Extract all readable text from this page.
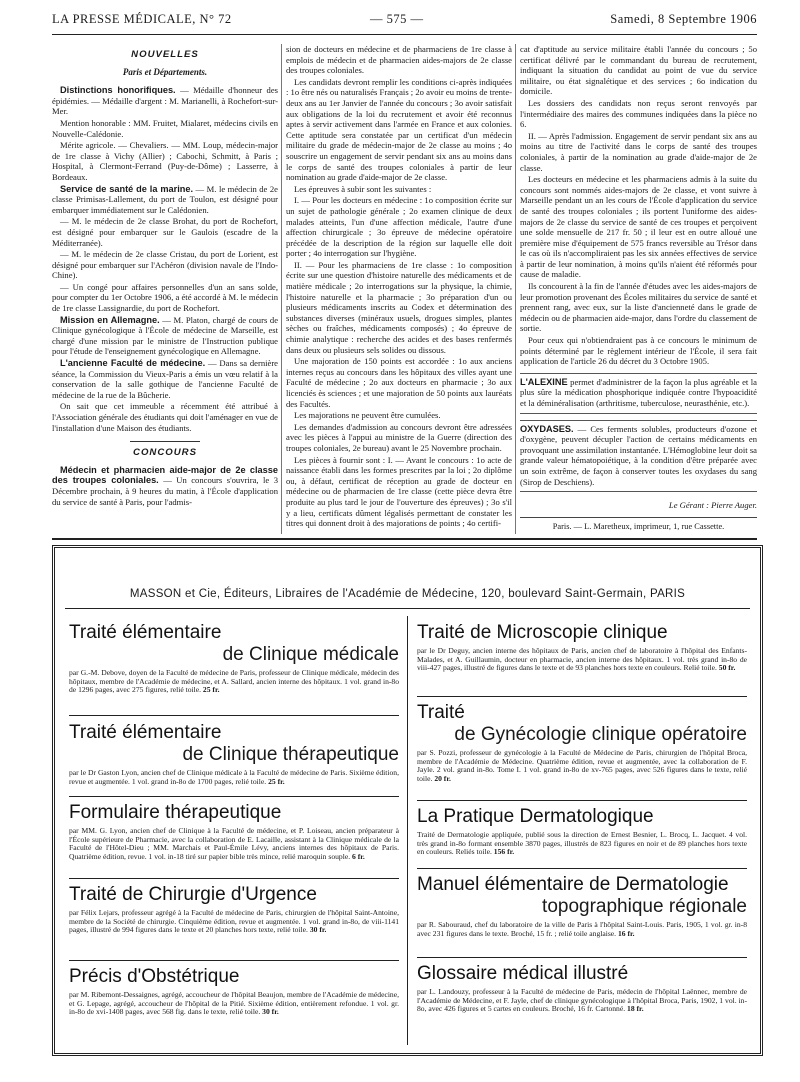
LA PRESSE MÉDICALE, N° 72	— 575 —	Samedi, 8 Septembre 1906
NOUVELLES
Paris et Départements.

Distinctions honorifiques. — Médaille d'honneur des épidémies. — Médaille d'argent : M. Marianelli, à Rochefort-sur-Mer.

Mention honorable : MM. Fruitet, Mialaret, médecins civils en Nouvelle-Calédonie.

Mérite agricole. — Chevaliers. — MM. Loup, médecin-major de 1re classe à Vichy (Allier) ; Cabochi, Schmitt, à Paris ; Hospital, à Clermont-Ferrand (Puy-de-Dôme) ; Lasserre, à Bordeaux.

Service de santé de la marine. — M. le médecin de 2e classe Primisas-Lallement, du port de Toulon, est désigné pour embarquer immédiatement sur le Calédonien.

— M. le médecin de 2e classe Brohat, du port de Rochefort, est désigné pour embarquer sur le Gaulois (escadre de la Méditerranée).

— M. le médecin de 2e classe Cristau, du port de Lorient, est désigné pour embarquer sur l'Achéron (division navale de l'Indo-Chine).

— Un congé pour affaires personnelles d'un an sans solde, pour compter du 1er Octobre 1906, a été accordé à M. le médecin de 1re classe Lassignardie, du port de Rochefort.

Mission en Allemagne. — M. Platon, chargé de cours de Clinique gynécologique à l'École de médecine de Marseille, est chargé d'une mission par le ministre de l'Instruction publique pour l'étude de l'enseignement gynécologique en Allemagne.

L'ancienne Faculté de médecine. — Dans sa dernière séance, la Commission du Vieux-Paris a émis un vœu relatif à la conservation de la salle gothique de l'ancienne Faculté de médecine de la rue de la Bûcherie.

On sait que cet immeuble a récemment été attribué à l'Association générale des étudiants qui doit l'aménager en vue de l'installation d'une Maison des étudiants.

CONCOURS

Médecin et pharmacien aide-major de 2e classe des troupes coloniales. — Un concours s'ouvrira, le 3 Décembre prochain, à 9 heures du matin, à l'École d'application du service de santé à Paris, pour l'admis-

sion de docteurs en médecine et de pharmaciens de 1re classe à emplois de médecin et de pharmacien aides-majors de 2e classe des troupes coloniales.

Les candidats devront remplir les conditions ci-après indiquées : 1o être nés ou naturalisés Français ; 2o avoir eu moins de trente-deux ans au 1er Janvier de l'année du concours ; 3o avoir satisfait aux obligations de la loi du recrutement et avoir été reconnus aptes à servir activement dans l'armée en France et aux colonies. Cette aptitude sera constatée par un certificat d'un médecin militaire du grade de médecin-major de 2e classe au moins ; 4o souscrire un engagement de servir pendant six ans au moins dans le corps de santé des troupes coloniales à partir de leur nomination au grade d'aide-major de 2e classe.

Les épreuves à subir sont les suivantes :

I. — Pour les docteurs en médecine : 1o composition écrite sur un sujet de pathologie générale ; 2o examen clinique de deux malades atteints, l'un d'une affection médicale, l'autre d'une affection chirurgicale ; 3o épreuve de médecine opératoire précédée de la description de la région sur laquelle elle doit porter ; 4o interrogation sur l'hygiène.

II. — Pour les pharmaciens de 1re classe : 1o composition écrite sur une question d'histoire naturelle des médicaments et de matière médicale ; 2o interrogations sur la physique, la chimie, l'histoire naturelle et la pharmacie ; 3o préparation d'un ou plusieurs médicaments inscrits au Codex et détermination des substances diverses (minéraux usuels, drogues simples, plantes sèches ou fraîches, médicaments composés) ; 4o épreuve de chimie analytique : recherche des acides et des bases renfermés dans deux ou plusieurs sels solides ou dissous.

Une majoration de 150 points est accordée : 1o aux anciens internes reçus au concours dans les hôpitaux des villes ayant une Faculté de médecine ; 2o aux docteurs en pharmacie ; 3o aux licenciés ès sciences ; et une majoration de 50 points aux lauréats des Facultés.

Les majorations ne peuvent être cumulées.

Les demandes d'admission au concours devront être adressées avec les pièces à l'appui au ministre de la Guerre (direction des troupes coloniales, 2e bureau) avant le 25 Novembre prochain.

Les pièces à fournir sont : I. — Avant le concours : 1o acte de naissance établi dans les formes prescrites par la loi ; 2o diplôme ou, à défaut, certificat de réception au grade de docteur en médecine ou de pharmacien de 1re classe (cette pièce devra être produite au plus tard le jour de l'ouverture des épreuves) ; 3o s'il y a lieu, certificats dûment légalisés permettant de constater les titres qui donnent droit à des majorations de points ; 4o certifi-

cat d'aptitude au service militaire établi l'année du concours ; 5o certificat délivré par le commandant du bureau de recrutement, indiquant la situation du candidat au point de vue du service militaire, ou état signalétique et des services ; 6o indication du domicile.

Les dossiers des candidats non reçus seront renvoyés par l'intermédiaire des maires des communes indiquées dans la pièce no 6.

II. — Après l'admission. Engagement de servir pendant six ans au moins au titre de l'activité dans le corps de santé des troupes coloniales, à partir de la nomination au grade d'aide-major de 2e classe.

Les docteurs en médecine et les pharmaciens admis à la suite du concours sont nommés aides-majors de 2e classe, et vont suivre à Marseille pendant un an les cours de l'École d'application du service de santé des troupes coloniales ; ils portent l'uniforme des aides-majors de 2e classe du service de santé de ces troupes et perçoivent une solde mensuelle de 217 fr. 50 ; il leur est en outre alloué une première mise d'équipement de 575 francs reversible au Trésor dans le cas où ils n'accompliraient pas les six années effectives de service à partir de leur nomination, à moins qu'ils n'aient été réformés pour cause de maladie.

Ils concourent à la fin de l'année d'études avec les aides-majors de leur promotion provenant des Écoles militaires du service de santé et prennent rang, avec eux, sur la liste d'ancienneté dans le grade de médecin ou de pharmacien aide-major, dans l'ordre du classement de sortie.

Pour ceux qui n'obtiendraient pas à ce concours le minimum de points déterminé par le règlement intérieur de l'École, il sera fait application de l'article 26 du décret du 3 Octobre 1905.

L'ALEXINE permet d'administrer de la façon la plus agréable et la plus sûre la médication phosphorique indiquée contre l'hypoacidité et la déminéralisation (arthritisme, tuberculose, neurasthénie, etc.).

OXYDASES. — Ces ferments solubles, producteurs d'ozone et d'oxygène, peuvent décupler l'action de certains médicaments en provoquant une assimilation instantanée. L'Hémoglobine leur doit sa grande valeur hématopoiétique, à la condition d'être préparée avec un soin extrême, de façon à conserver toutes les oxydases du sang (Sirop de Deschiens).

Le Gérant : Pierre Auger.
Paris. — L. Maretheux, imprimeur, 1, rue Cassette.
MASSON et Cie, Éditeurs, Libraires de l'Académie de Médecine, 120, boulevard Saint-Germain, PARIS
Traité élémentaire
de Clinique médicale
par G.-M. Debove, doyen de la Faculté de médecine de Paris, professeur de Clinique médicale, médecin des hôpitaux, membre de l'Académie de médecine, et A. Sallard, ancien interne des hôpitaux. 1 vol. grand in-8o de 1296 pages, avec 275 figures, relié toile. 25 fr.
Traité élémentaire
de Clinique thérapeutique
par le Dr Gaston Lyon, ancien chef de Clinique médicale à la Faculté de médecine de Paris. Sixième édition, revue et augmentée. 1 vol. grand in-8o de 1700 pages, relié toile. 25 fr.
Formulaire thérapeutique
par MM. G. Lyon, ancien chef de Clinique à la Faculté de médecine, et P. Loiseau, ancien préparateur à l'École supérieure de Pharmacie, avec la collaboration de E. Lacaille, assistant à la Clinique médicale de la Faculté de l'Hôtel-Dieu ; MM. Marchais et Paul-Émile Lévy, anciens internes des hôpitaux de Paris. Quatrième édition, revue. 1 vol. in-18 tiré sur papier bible très mince, relié maroquin souple. 6 fr.
Traité de Chirurgie d'Urgence
par Félix Lejars, professeur agrégé à la Faculté de médecine de Paris, chirurgien de l'hôpital Saint-Antoine, membre de la Société de chirurgie. Cinquième édition, revue et augmentée. 1 vol. grand in-8o, de viii-1141 pages, illustré de 994 figures dans le texte et 20 planches hors texte, relié toile. 30 fr.
Précis d'Obstétrique
par M. Ribemont-Dessaignes, agrégé, accoucheur de l'hôpital Beaujon, membre de l'Académie de médecine, et G. Lepage, agrégé, accoucheur de l'hôpital de la Pitié. Sixième édition, entièrement refondue. 1 vol. gr. in-8o de xvi-1408 pages, avec 568 fig. dans le texte, relié toile. 30 fr.
Traité de Microscopie clinique
par le Dr Deguy, ancien interne des hôpitaux de Paris, ancien chef de laboratoire à l'hôpital des Enfants-Malades, et A. Guillaumin, docteur en pharmacie, ancien interne des hôpitaux. 1 vol. très grand in-8o de viii-427 pages, illustré de figures dans le texte et de 93 planches hors texte en couleurs. Relié toile. 50 fr.
Traité
de Gynécologie clinique opératoire
par S. Pozzi, professeur de gynécologie à la Faculté de Médecine de Paris, chirurgien de l'hôpital Broca, membre de l'Académie de Médecine. Quatrième édition, revue et augmentée, avec la collaboration de F. Jayle. 2 vol. grand in-8o. Tome I. 1 vol. grand in-8o de xv-765 pages, avec 526 figures dans le texte, relié toile. 20 fr.
La Pratique Dermatologique
Traité de Dermatologie appliquée, publié sous la direction de Ernest Besnier, L. Brocq, L. Jacquet. 4 vol. très grand in-8o formant ensemble 3870 pages, illustrés de 823 figures en noir et de 89 planches hors texte en couleurs. Reliés toile. 156 fr.
Manuel élémentaire de Dermatologie
topographique régionale
par R. Sabouraud, chef du laboratoire de la ville de Paris à l'hôpital Saint-Louis. Paris, 1905, 1 vol. gr. in-8 avec 231 figures dans le texte. Broché, 15 fr. ; relié toile anglaise. 16 fr.
Glossaire médical illustré
par L. Landouzy, professeur à la Faculté de médecine de Paris, médecin de l'hôpital Laënnec, membre de l'Académie de Médecine, et F. Jayle, chef de clinique gynécologique à l'hôpital Broca, Paris, 1902, 1 vol. in-8o, avec 426 figures et 5 cartes en couleurs. Broché, 16 fr. Cartonné. 18 fr.
